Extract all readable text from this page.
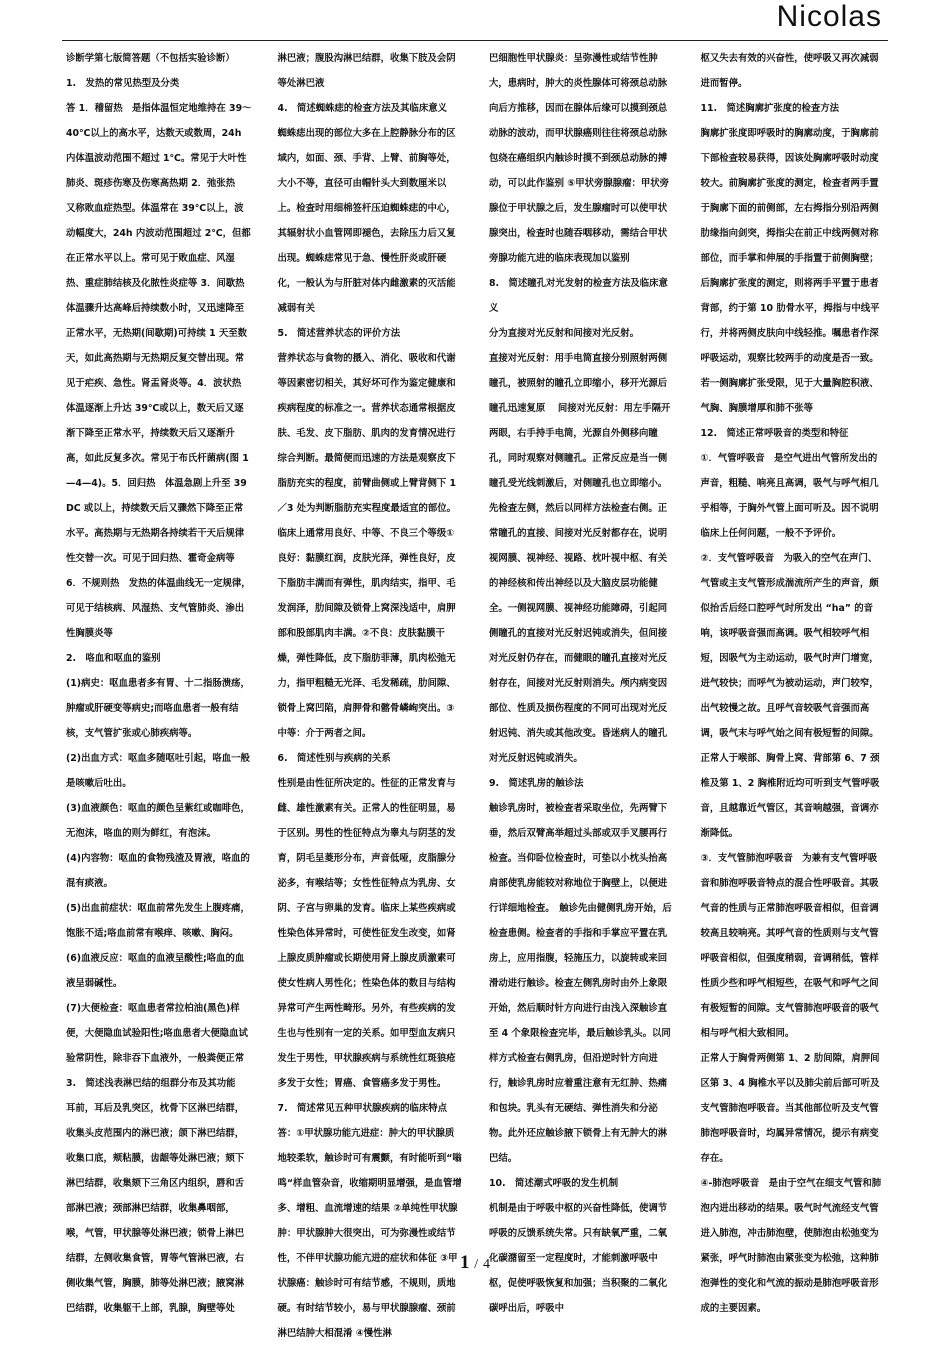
Nicolas

诊断学第七版简答题（不包括实验诊断）

1.　发热的常见热型及分类

答 1．稽留热　是指体温恒定地维持在 39～40℃以上的高水平，达数天或数周，24h 内体温波动范围不超过 1℃。常见于大叶性肺炎、斑疹伤寒及伤寒高热期 2．弛张热　又称败血症热型。体温常在 39℃以上，波动幅度大，24h 内波动范围超过 2℃，但都在正常水平以上。常可见于败血症、风湿热、重症肺结核及化脓性炎症等 3．间歇热　体温骤升达高峰后持续数小时，又迅速降至正常水平，无热期(间歇期)可持续 1 天至数天，如此高热期与无热期反复交替出现。常见于疟疾、急性。肾盂肾炎等。4．波状热　体温逐渐上升达 39℃或以上，数天后又逐渐下降至正常水平，持续数天后又逐渐升高，如此反复多次。常见于布氏杆菌病(图 1—4—4)。5．回归热　体温急剧上升至 39DC 或以上，持续数天后又骤然下降至正常水平。高热期与无热期各持续若干天后规律性交替一次。可见于回归热、霍奇金病等 6．不规则热　发热的体温曲线无一定规律，可见于结核病、风湿热、支气管肺炎、渗出性胸膜炎等

2.　咯血和呕血的鉴别

(1)病史：呕血患者多有胃、十二指肠溃疡，肿瘤或肝硬变等病史;而咯血患者一般有结核，支气管扩张或心肺疾病等。

(2)出血方式：呕血多随呕吐引起，咯血一般是咳嗽后吐出。

(3)血液颜色：呕血的颜色呈紫红或咖啡色，无泡沫，咯血的则为鲜红，有泡沫。

(4)内容物：呕血的食物残渣及胃液，咯血的混有痰液。

(5)出血前症状：呕血前常先发生上腹疼痛，饱胀不适;咯血前常有喉痒、咳嗽、胸闷。

(6)血液反应：呕血的血液呈酸性;咯血的血液呈弱碱性。

(7)大便检查：呕血患者常拉柏油(黑色)样便，大便隐血试验阳性;咯血患者大便隐血试验常阴性，除非吞下血液外，一般粪便正常

3.　简述浅表淋巴结的组群分布及其功能

耳前，耳后及乳突区，枕骨下区淋巴结群，收集头皮范围内的淋巴液；颌下淋巴结群，收集口底，颊粘膜，齿龈等处淋巴液；颏下淋巴结群，收集颏下三角区内组织，唇和舌部淋巴液；颈部淋巴结群，收集鼻咽部，喉，气管，甲状腺等处淋巴液；锁骨上淋巴结群，左侧收集食管，胃等气管淋巴液，右侧收集气管，胸膜，肺等处淋巴液；腋窝淋巴结群，收集躯干上部，乳腺，胸壁等处

淋巴液；腹股沟淋巴结群，收集下肢及会阴等处淋巴液

4.　简述蜘蛛痣的检查方法及其临床意义

蜘蛛痣出现的部位大多在上腔静脉分布的区域内，如面、颈、手背、上臂、前胸等处，大小不等，直径可由帽针头大到数厘米以上。检查时用细棉签杆压迫蜘蛛痣的中心，其辐射状小血管网即褪色，去除压力后又复出现。蜘蛛痣常见于急、慢性肝炎或肝硬化，一般认为与肝脏对体内雌激素的灭活能减弱有关

5.　简述营养状态的评价方法

营养状态与食物的摄入、消化、吸收和代谢等因素密切相关，其好坏可作为鉴定健康和疾病程度的标准之一。营养状态通常根据皮肤、毛发、皮下脂肪、肌肉的发育情况进行综合判断。最简便而迅速的方法是观察皮下脂肪充实的程度，前臂曲侧或上臂背侧下 1／3 处为判断脂肪充实程度最适宜的部位。

临床上通常用良好、中等、不良三个等级①良好：黏膜红润，皮肤光泽，弹性良好，皮下脂肪丰满而有弹性，肌肉结实，指甲、毛发润泽，肋间隙及锁骨上窝深浅适中，肩胛部和股部肌肉丰满。②不良：皮肤黏膜干燥，弹性降低，皮下脂肪菲薄，肌肉松弛无力，指甲粗糙无光泽、毛发稀疏，肋间隙、锁骨上窝凹陷，肩胛骨和髂骨嶙峋突出。③中等：介于两者之间。

6.　简述性别与疾病的关系

性别是由性征所决定的。性征的正常发育与雌、雄性激素有关。正常人的性征明显，易于区别。男性的性征特点为睾丸与阴茎的发育，阴毛呈菱形分布，声音低哑，皮脂腺分泌多，有喉结等；女性性征特点为乳房、女阴、子宫与卵巢的发育。临床上某些疾病或性染色体异常时，可使性征发生改变，如肾上腺皮质肿瘤或长期使用肾上腺皮质激素可使女性病人男性化；性染色体的数目与结构异常可产生两性畸形。另外，有些疾病的发生也与性别有一定的关系。如甲型血友病只发生于男性，甲状腺疾病与系统性红斑狼疮多发于女性；胃癌、食管癌多发于男性。

7.　简述常见五种甲状腺疾病的临床特点

答：①甲状腺功能亢进症：肿大的甲状腺质地较柔软，触诊时可有震颤，有时能听到“嗡鸣“样血管杂音，收缩期明显增强，是血管增多、增粗、血流增速的结果 ②单纯性甲状腺肿：甲状腺肿大很突出，可为弥漫性或结节性，不伴甲状腺功能亢进的症状和体征 ③甲状腺癌：触诊时可有结节感，不规则，质地硬。有时结节较小，易与甲状腺腺瘤、颈前淋巴结肿大相混淆 ④慢性淋

巴细胞性甲状腺炎：呈弥漫性或结节性肿大，患病时，肿大的炎性腺体可将颈总动脉向后方推移，因而在腺体后缘可以摸到颈总动脉的波动，而甲状腺癌则往往将颈总动脉包绕在癌组织内触诊时摸不到颈总动脉的搏动，可以此作鉴别 ⑤甲状旁腺腺瘤：甲状旁腺位于甲状腺之后，发生腺瘤时可以使甲状腺突出，检查时也随吞咽移动，需结合甲状旁腺功能亢进的临床表现加以鉴别

8.　简述瞳孔对光发射的检查方法及临床意义

分为直接对光反射和间接对光反射。

直接对光反射：用手电筒直接分别照射两侧瞳孔，被照射的瞳孔立即缩小，移开光源后瞳孔迅速复原　 间接对光反射：用左手隔开两眼，右手持手电筒，光源自外侧移向瞳孔，同时观察对侧瞳孔。正常反应是当一侧瞳孔受光线刺激后，对侧瞳孔也立即缩小。先检查左侧，然后以同样方法检查右侧。正常瞳孔的直接、间接对光反射都存在，说明视网膜、视神经、视路、枕叶视中枢、有关的神经核和传出神经以及大脑皮层功能健全。一侧视网膜、视神经功能障碍，引起同侧瞳孔的直接对光反射迟钝或消失，但间接对光反射仍存在，而健眼的瞳孔直接对光反射存在，间接对光反射则消失。颅内病变因部位、性质及损伤程度的不同可出现对光反射迟钝、消失或其他改变。昏迷病人的瞳孔对光反射迟钝或消失。

9.　简述乳房的触诊法

触诊乳房时，被检查者采取坐位，先两臂下垂，然后双臂高举超过头部或双手叉腰再行检查。当仰卧位检查时，可垫以小枕头抬高肩部使乳房能较对称地位于胸壁上，以便进行详细地检查。　触诊先由健侧乳房开始，后检查患侧。检查者的手指和手掌应平置在乳房上，应用指腹，轻施压力，以旋转或来回滑动进行触诊。检查左侧乳房时由外上象限开始，然后顺时针方向进行由浅入深触诊直至 4 个象限检查完毕，最后触诊乳头。以同样方式检查右侧乳房，但沿逆时针方向进行，触诊乳房时应着重注意有无红肿、热痛和包块。乳头有无硬结、弹性消失和分泌物。此外还应触诊腋下锁骨上有无肿大的淋巴结。

10.　简述潮式呼吸的发生机制

机制是由于呼吸中枢的兴奋性降低，使调节呼吸的反馈系统失常。只有缺氧严重，二氧化碳潴留至一定程度时，才能刺激呼吸中枢，促使呼吸恢复和加强；当积聚的二氧化碳呼出后，呼吸中

枢又失去有效的兴奋性，使呼吸又再次减弱进而暂停。

11.　简述胸廓扩张度的检查方法

胸廓扩张度即呼吸时的胸廓动度，于胸廓前下部检查较易获得，因该处胸廓呼吸时动度较大。前胸廓扩张度的测定，检查者两手置于胸廓下面的前侧部，左右拇指分别沿两侧肋缘指向剑突，拇指尖在前正中线两侧对称部位，而手掌和伸展的手指置于前侧胸壁；后胸廓扩张度的测定，则将两手平置于患者背部，约于第 10 肋骨水平，拇指与中线平行，并将两侧皮肤向中线轻推。嘱患者作深呼吸运动，观察比较两手的动度是否一致。若一侧胸廓扩张受限，见于大量胸腔积液、气胸、胸膜增厚和肺不张等

12.　简述正常呼吸音的类型和特征

①．气管呼吸音　是空气进出气管所发出的声音，粗糙、响亮且高调，吸气与呼气相几乎相等，于胸外气管上面可听及。因不说明临床上任何问题，一般不予评价。

②．支气管呼吸音　为吸入的空气在声门、气管或主支气管形成湍流所产生的声音，颇似抬舌后经口腔呼气时所发出 “ha” 的音响，该呼吸音强而高调。吸气相较呼气相短，因吸气为主动运动，吸气时声门增宽，进气较快；而呼气为被动运动，声门较窄，出气较慢之故。且呼气音较吸气音强而高调，吸气末与呼气始之间有极短暂的间隙。

正常人于喉部、胸骨上窝、背部第 6、7 颈椎及第 1、2 胸椎附近均可听到支气管呼吸音，且越靠近气管区，其音响越强，音调亦渐降低。

③．支气管肺泡呼吸音　为兼有支气管呼吸音和肺泡呼吸音特点的混合性呼吸音。其吸气音的性质与正常肺泡呼吸音相似，但音调较高且较响亮。其呼气音的性质则与支气管呼吸音相似，但强度稍弱，音调稍低，管样性质少些和呼气相短些，在吸气和呼气之间有极短暂的间隙。支气管肺泡呼吸音的吸气相与呼气相大致相同。

正常人于胸骨两侧第 1、2 肋间隙，肩胛间区第 3、4 胸椎水平以及肺尖前后部可听及支气管肺泡呼吸音。当其他部位听及支气管肺泡呼吸音时，均属异常情况，提示有病变存在。

④-肺泡呼吸音　是由于空气在细支气管和肺泡内进出移动的结果。吸气时气流经支气管进入肺泡，冲击肺泡壁，使肺泡由松弛变为紧张，呼气时肺泡由紧张变为松弛，这种肺泡弹性的变化和气流的振动是肺泡呼吸音形成的主要因素。

1 / 4
